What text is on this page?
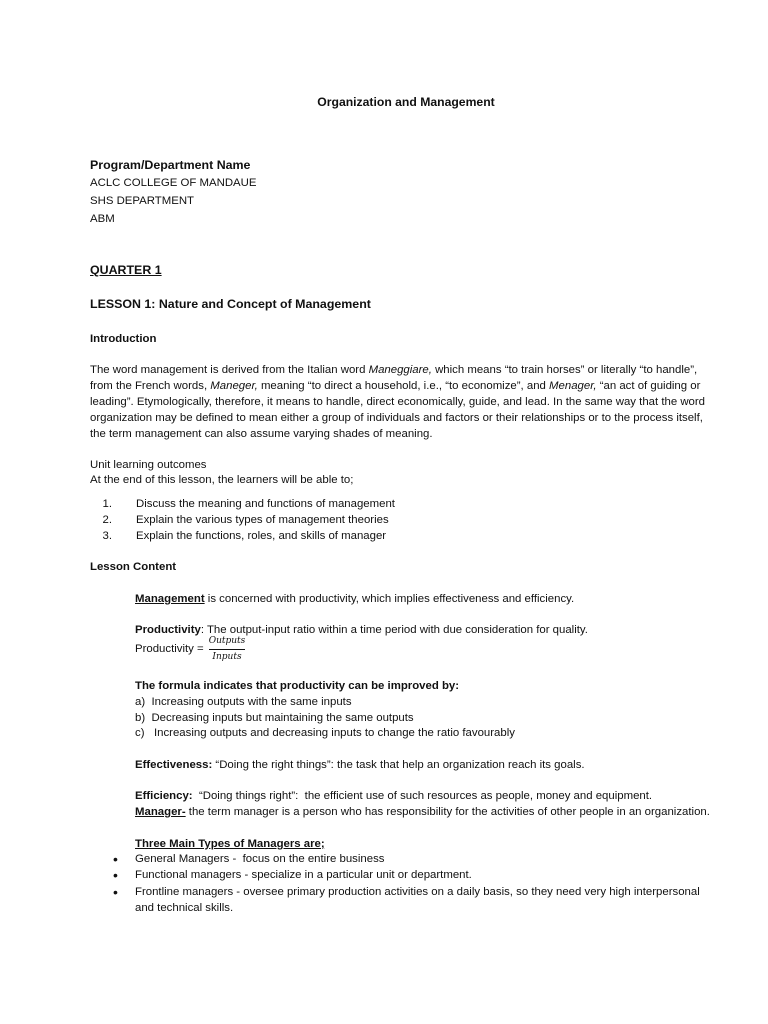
Organization and Management
Program/Department Name
ACLC COLLEGE OF MANDAUE
SHS DEPARTMENT
ABM
QUARTER 1
LESSON 1: Nature and Concept of Management
Introduction
The word management is derived from the Italian word Maneggiare, which means “to train horses” or literally “to handle”,
from the French words, Maneger, meaning “to direct a household, i.e., “to economize”, and Menager, “an act of guiding or
leading”. Etymologically, therefore, it means to handle, direct economically, guide, and lead. In the same way that the word
organization may be defined to mean either a group of individuals and factors or their relationships or to the process itself,
the term management can also assume varying shades of meaning.
Unit learning outcomes
At the end of this lesson, the learners will be able to;
1. Discuss the meaning and functions of management
2. Explain the various types of management theories
3. Explain the functions, roles, and skills of manager
Lesson Content
Management is concerned with productivity, which implies effectiveness and efficiency.
Productivity: The output-input ratio within a time period with due consideration for quality.
Productivity =
Outputs
Inputs
The formula indicates that productivity can be improved by:
a)  Increasing outputs with the same inputs
b)  Decreasing inputs but maintaining the same outputs
c)   Increasing outputs and decreasing inputs to change the ratio favourably
Effectiveness: “Doing the right things”: the task that help an organization reach its goals.
Efficiency:  “Doing things right”:  the efficient use of such resources as people, money and equipment.
Manager- the term manager is a person who has responsibility for the activities of other people in an organization.
Three Main Types of Managers are;
• General Managers -  focus on the entire business
• Functional managers - specialize in a particular unit or department.
• Frontline managers - oversee primary production activities on a daily basis, so they need very high interpersonal
and technical skills.
